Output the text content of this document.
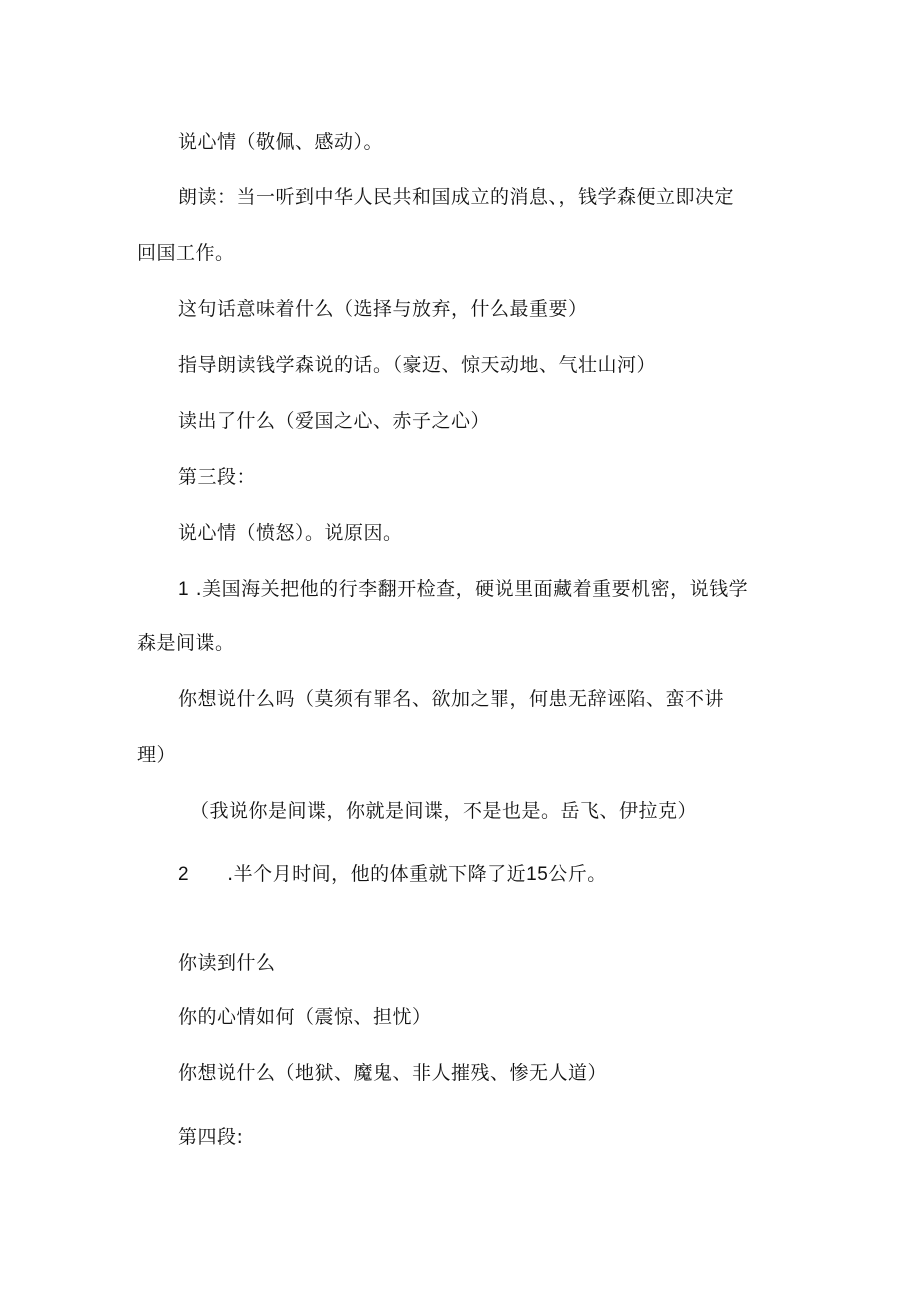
说心情（敬佩、感动）。
朗读：当一听到中华人民共和国成立的消息、，钱学森便立即决定
回国工作。
这句话意味着什么（选择与放弃，什么最重要）
指导朗读钱学森说的话。（豪迈、惊天动地、气壮山河）
读出了什么（爱国之心、赤子之心）
第三段：
说心情（愤怒）。说原因。
1 .美国海关把他的行李翻开检查，硬说里面藏着重要机密，说钱学
森是间谍。
你想说什么吗（莫须有罪名、欲加之罪，何患无辞诬陷、蛮不讲
理）
（我说你是间谍，你就是间谍，不是也是。岳飞、伊拉克）
2 .半个月时间，他的体重就下降了近15公斤。
你读到什么
你的心情如何（震惊、担忧）
你想说什么（地狱、魔鬼、非人摧残、惨无人道）
第四段:
